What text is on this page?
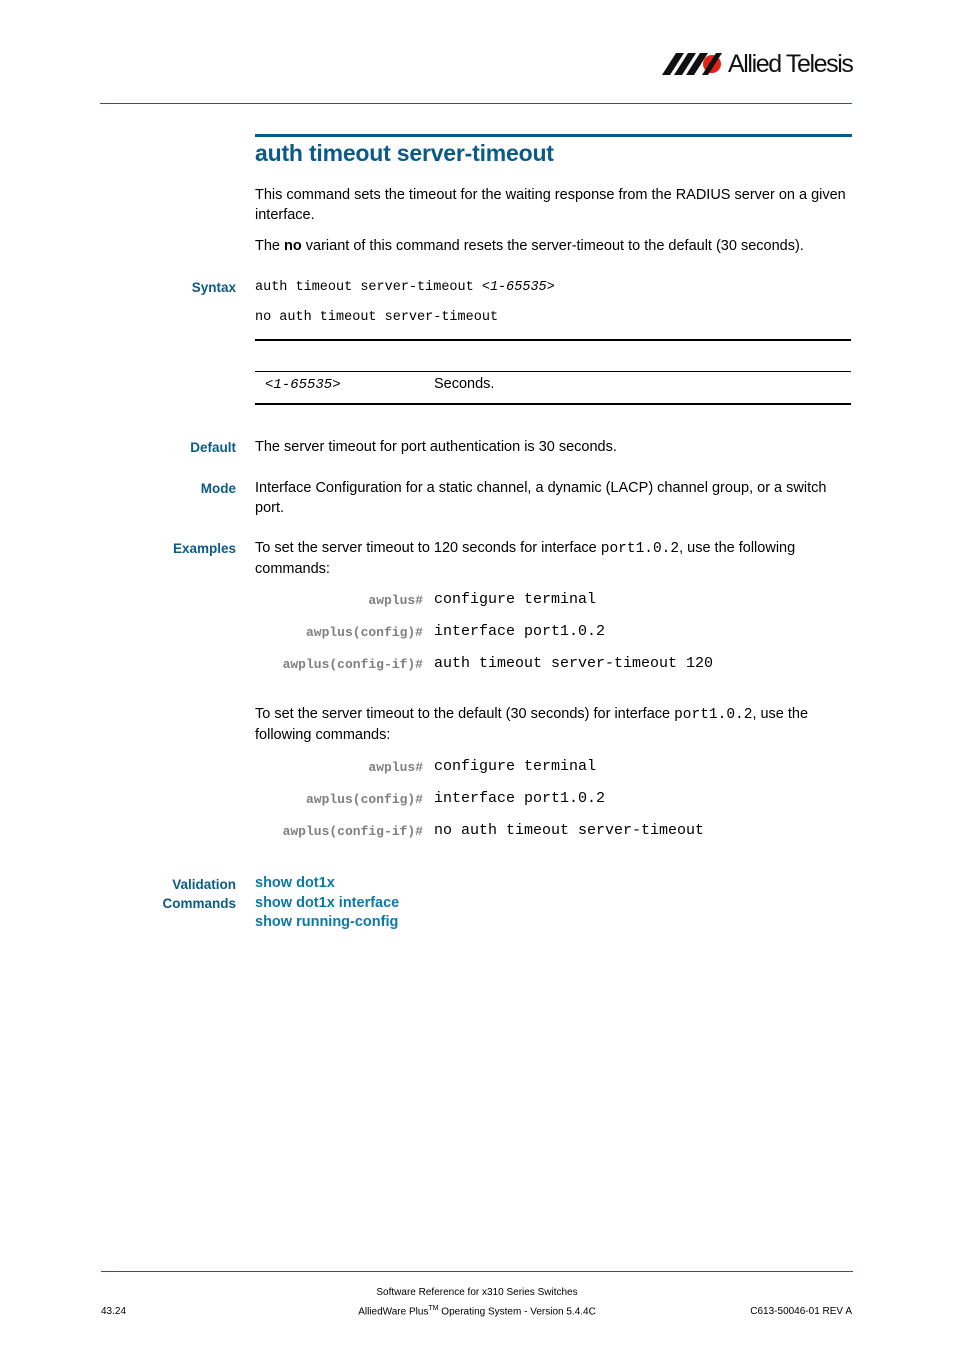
Allied Telesis
auth timeout server-timeout
This command sets the timeout for the waiting response from the RADIUS server on a given interface.
The no variant of this command resets the server-timeout to the default (30 seconds).
Syntax auth timeout server-timeout <1-65535>
no auth timeout server-timeout
<1-65535>	Seconds.
Default The server timeout for port authentication is 30 seconds.
Mode Interface Configuration for a static channel, a dynamic (LACP) channel group, or a switch port.
Examples To set the server timeout to 120 seconds for interface port1.0.2, use the following commands:
awplus# configure terminal
awplus(config)# interface port1.0.2
awplus(config-if)# auth timeout server-timeout 120
To set the server timeout to the default (30 seconds) for interface port1.0.2, use the following commands:
awplus# configure terminal
awplus(config)# interface port1.0.2
awplus(config-if)# no auth timeout server-timeout
Validation
Commands
show dot1x
show dot1x interface
show running-config
Software Reference for x310 Series Switches
AlliedWare Plus™ Operating System - Version 5.4.4C
43.24	C613-50046-01 REV A
